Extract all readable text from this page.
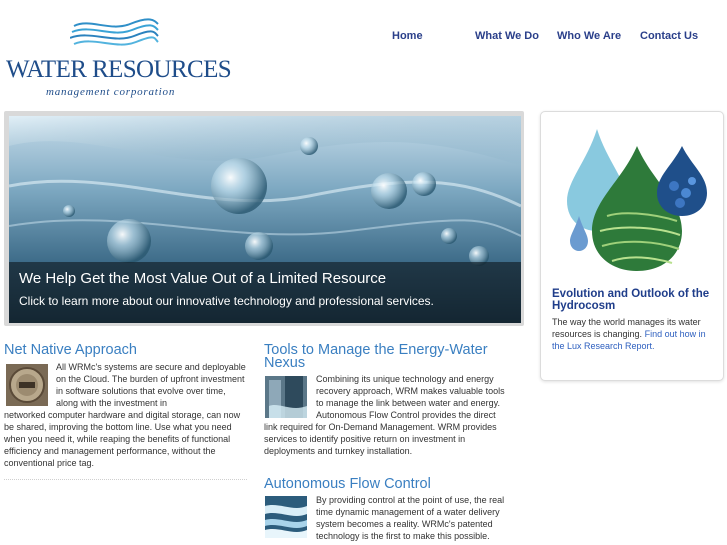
WATER RESOURCES
management corporation
Home	What We Do Who We Are Contact Us
We Help Get the Most Value Out of a Limited Resource
Click to learn more about our innovative technology and professional services.	Evolution and Outlook of the Hydrocosm
The way the world manages its water resources is changing. Find out how in the Lux Research Report.
Net Native Approach
All WRMc's systems are secure and deployable on the Cloud. The burden of upfront investment in software solutions that evolve over time, along with the investment in
networked computer hardware and digital storage, can now be shared, improving the bottom line. Use what you need when you need it, while reaping the benefits of functional efficiency and management performance, without the conventional price tag.
Tools to Manage the Energy-Water
Nexus
Combining its unique technology and energy recovery approach, WRM makes valuable tools to manage the link between water and energy. Autonomous Flow Control provides the direct
link required for On-Demand Management. WRM provides services to identify positive return on investment in deployments and turnkey installation.
Autonomous Flow Control
By providing control at the point of use, the real time dynamic management of a water delivery system becomes a reality. WRMc's patented technology is the first to make this possible.
